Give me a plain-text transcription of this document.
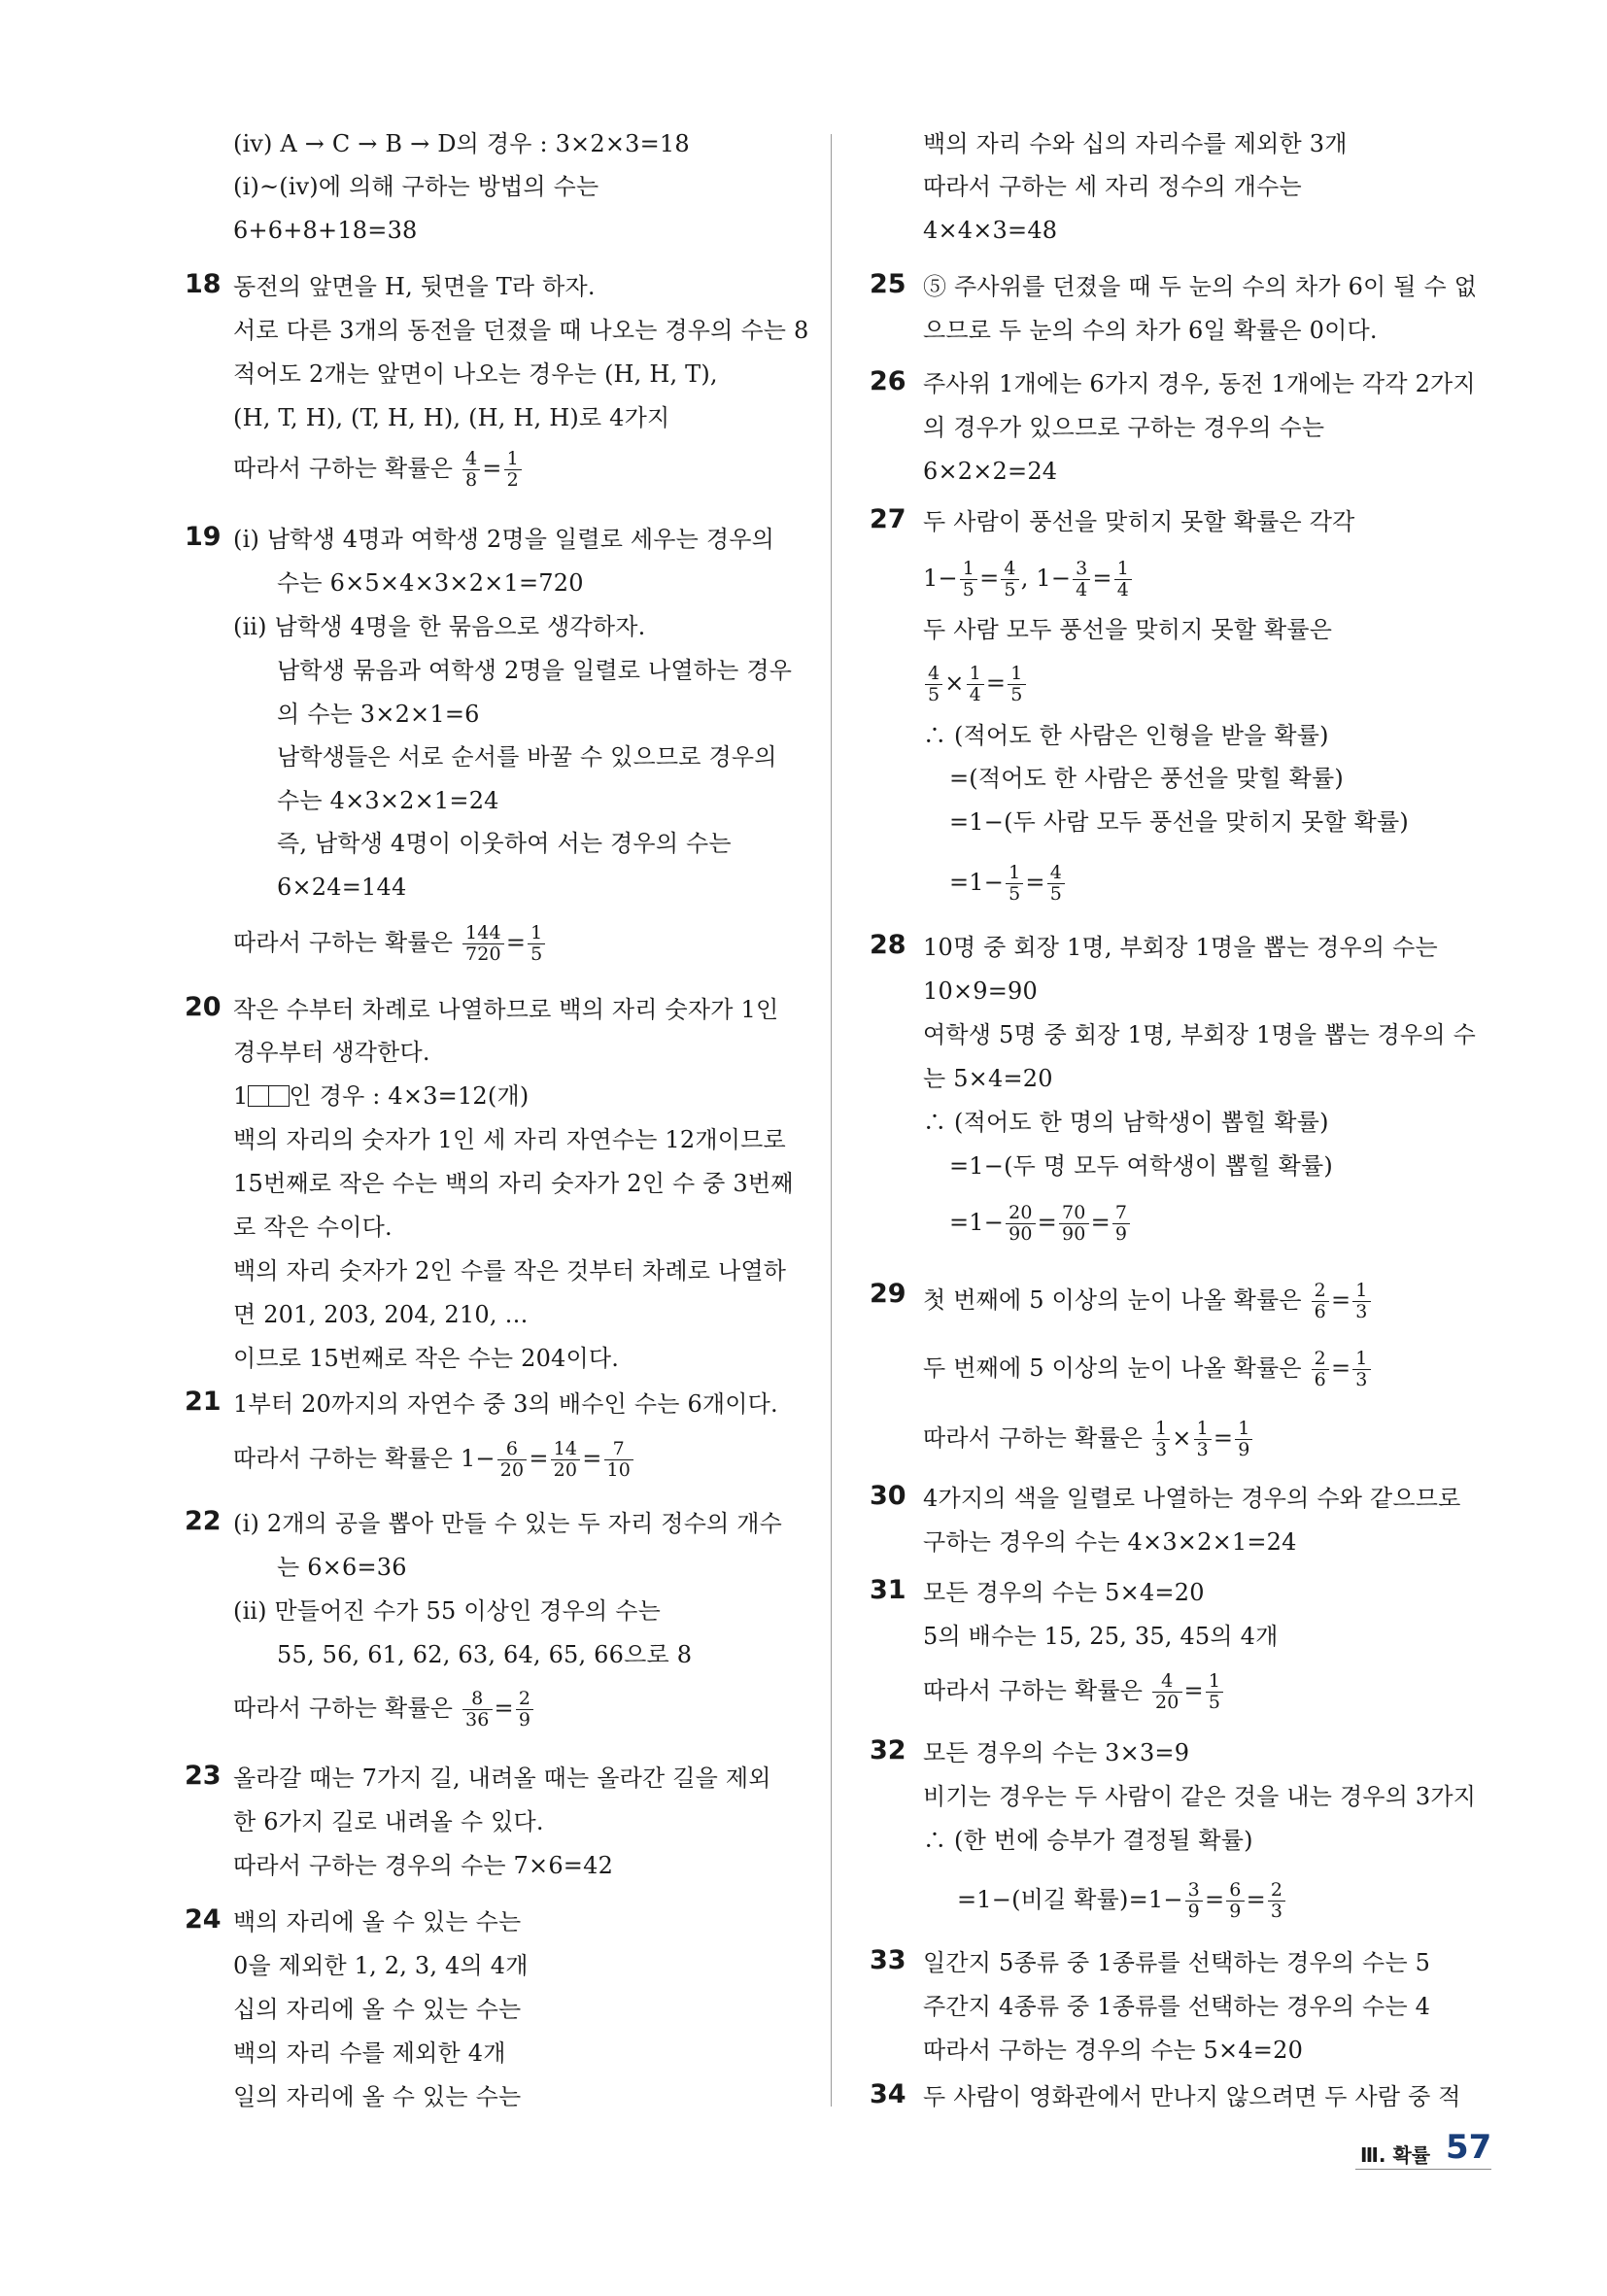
(ⅳ) A → C → B → D의 경우 : 3×2×3=18
(ⅰ)~(ⅳ)에 의해 구하는 방법의 수는
6+6+8+18=38
18 동전의 앞면을 H, 뒷면을 T라 하자.
서로 다른 3개의 동전을 던졌을 때 나오는 경우의 수는 8
적어도 2개는 앞면이 나오는 경우는 (H, H, T),
(H, T, H), (T, H, H), (H, H, H)로 4가지
따라서 구하는 확률은 $\frac{4}{8} = \frac{1}{2}$
19 (ⅰ) 남학생 4명과 여학생 2명을 일렬로 세우는 경우의
수는 6×5×4×3×2×1=720
(ⅱ) 남학생 4명을 한 묶음으로 생각하자.
남학생 묶음과 여학생 2명을 일렬로 나열하는 경우
의 수는 3×2×1=6
남학생들은 서로 순서를 바꿀 수 있으므로 경우의
수는 4×3×2×1=24
즉, 남학생 4명이 이웃하여 서는 경우의 수는
6×24=144
따라서 구하는 확률은 $\frac{144}{720} = \frac{1}{5}$
20 작은 수부터 차례로 나열하므로 백의 자리 숫자가 1인
경우부터 생각한다.
1 인 경우 : 4×3=12(개)
백의 자리의 숫자가 1인 세 자리 자연수는 12개이므로
15번째로 작은 수는 백의 자리 숫자가 2인 수 중 3번째
로 작은 수이다.
백의 자리 숫자가 2인 수를 작은 것부터 차례로 나열하
면 201, 203, 204, 210, …
이므로 15번째로 작은 수는 204이다.
21 1부터 20까지의 자연수 중 3의 배수인 수는 6개이다.
따라서 구하는 확률은 $1- \frac{6}{20} = \frac{14}{20} = \frac{7}{10}$
22 (ⅰ) 2개의 공을 뽑아 만들 수 있는 두 자리 정수의 개수
는 6×6=36
(ⅱ) 만들어진 수가 55 이상인 경우의 수는
55, 56, 61, 62, 63, 64, 65, 66으로 8
따라서 구하는 확률은 $\frac{8}{36} = \frac{2}{9}$
23 올라갈 때는 7가지 길, 내려올 때는 올라간 길을 제외
한 6가지 길로 내려올 수 있다.
따라서 구하는 경우의 수는 7×6=42
24 백의 자리에 올 수 있는 수는
0을 제외한 1, 2, 3, 4의 4개
십의 자리에 올 수 있는 수는
백의 자리 수를 제외한 4개
일의 자리에 올 수 있는 수는
백의 자리 수와 십의 자리수를 제외한 3개
따라서 구하는 세 자리 정수의 개수는
4×4×3=48
25 ⑤ 주사위를 던졌을 때 두 눈의 수의 차가 6이 될 수 없
으므로 두 눈의 수의 차가 6일 확률은 0이다.
26 주사위 1개에는 6가지 경우, 동전 1개에는 각각 2가지
의 경우가 있으므로 구하는 경우의 수는
6×2×2=24
27 두 사람이 풍선을 맞히지 못할 확률은 각각
$1- \frac{1}{5} = \frac{4}{5}$ , $1- \frac{3}{4} = \frac{1}{4}$
두 사람 모두 풍선을 맞히지 못할 확률은
$\frac{4}{5} \times \frac{1}{4} = \frac{1}{5}$
∴ (적어도 한 사람은 인형을 받을 확률)
=(적어도 한 사람은 풍선을 맞힐 확률)
=1−(두 사람 모두 풍선을 맞히지 못할 확률)
$=1- \frac{1}{5} = \frac{4}{5}$
28 10명 중 회장 1명, 부회장 1명을 뽑는 경우의 수는
10×9=90
여학생 5명 중 회장 1명, 부회장 1명을 뽑는 경우의 수
는 5×4=20
∴ (적어도 한 명의 남학생이 뽑힐 확률)
=1−(두 명 모두 여학생이 뽑힐 확률)
$=1- \frac{20}{90} = \frac{70}{90} = \frac{7}{9}$
29 첫 번째에 5 이상의 눈이 나올 확률은 $\frac{2}{6} = \frac{1}{3}$
두 번째에 5 이상의 눈이 나올 확률은 $\frac{2}{6} = \frac{1}{3}$
따라서 구하는 확률은 $\frac{1}{3} \times \frac{1}{3} = \frac{1}{9}$
30 4가지의 색을 일렬로 나열하는 경우의 수와 같으므로
구하는 경우의 수는 4×3×2×1=24
31 모든 경우의 수는 5×4=20
5의 배수는 15, 25, 35, 45의 4개
따라서 구하는 확률은 $\frac{4}{20} = \frac{1}{5}$
32 모든 경우의 수는 3×3=9
비기는 경우는 두 사람이 같은 것을 내는 경우의 3가지
∴ (한 번에 승부가 결정될 확률)
=1−(비길 확률)$=1- \frac{3}{9} = \frac{6}{9} = \frac{2}{3}$
33 일간지 5종류 중 1종류를 선택하는 경우의 수는 5
주간지 4종류 중 1종류를 선택하는 경우의 수는 4
따라서 구하는 경우의 수는 5×4=20
34 두 사람이 영화관에서 만나지 않으려면 두 사람 중 적
Ⅲ. 확률 57
